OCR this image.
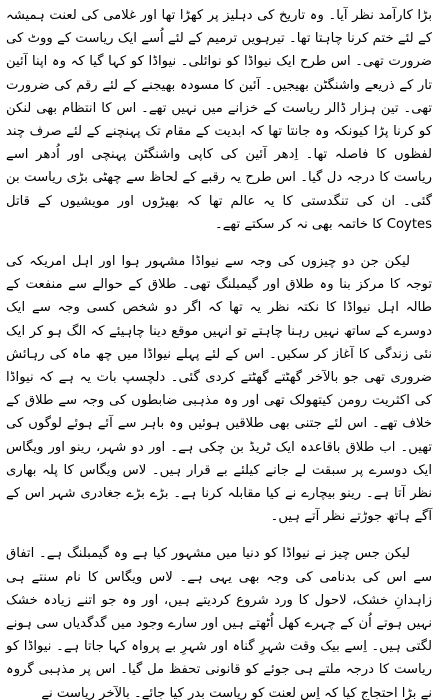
بڑا کارآمد نظر آیا۔ وہ تاریخ کی دہلیز پر کھڑا تھا اور غلامی کی لعنت ہمیشہ کے لئے ختم کرنا چاہتا تھا۔ تیرہویں ترمیم کے لئے اُسے ایک ریاست کے ووٹ کی ضرورت تھی۔ اس طرح ایک نیواڈا کو نوائلی۔ نیواڈا کو کہا گیا کہ وہ اپنا آئین تار کے ذریعے واشنگٹن بھیجیں۔ آئین کا مسودہ بھیجنے کے لئے رقم کی ضرورت تھی۔ تین ہزار ڈالر ریاست کے خزانے میں نہیں تھے۔ اس کا انتظام بھی لنکن کو کرنا پڑا کیونکہ وہ جانتا تھا کہ ابدیت کے مقام تک پہنچنے کے لئے صرف چند لفظوں کا فاصلہ تھا۔ اِدھر آئین کی کاپی واشنگٹن پہنچی اور اُدھر اسے ریاست کا درجہ دل گیا۔ اس طرح یہ رقبے کے لحاظ سے چھٹی بڑی ریاست بن گئی۔ ان کی تنگدستی کا یہ عالم تھا کہ بھیڑوں اور مویشیوں کے قاتل Coytes کا خاتمہ بھی نہ کر سکتے تھے۔

لیکن جن دو چیزوں کی وجہ سے نیواڈا مشہور ہوا اور اہل امریکہ کی توجہ کا مرکز بنا وہ طلاق اور گیمبلنگ تھی۔ طلاق کے حوالے سے منفعت کے طالہ اہل نیواڈا کا نکتہ نظر یہ تھا کہ اگر دو شخص کسی وجہ سے ایک دوسرے کے ساتھ نہیں رہنا چاہتے تو انہیں موقع دینا چاہیئے کہ الگ ہو کر ایک نئی زندگی کا آغاز کر سکیں۔ اس کے لئے پہلے نیواڈا میں چھ ماہ کی رہائش ضروری تھی جو بالآخر گھٹتے گھٹتے کردی گئی۔ دلچسپ بات یہ ہے کہ نیواڈا کی اکثریت رومن کیتھولک تھی اور وہ مذہبی ضابطوں کی وجہ سے طلاق کے خلاف تھے۔ اس لئے جتنی بھی طلاقیں ہوئیں وہ باہر سے آئے ہوئے لوگوں کی تھیں۔ اب طلاق باقاعدہ ایک ٹریڈ بن چکی ہے۔ اور دو شہر، رینو اور ویگاس ایک دوسرے پر سبقت لے جانے کیلئے بے قرار ہیں۔ لاس ویگاس کا پلہ بھاری نظر آتا ہے۔ رینو بیچارے نے کیا مقابلہ کرنا ہے۔ بڑے بڑے جغادری شہر اس کے آگے ہاتھ جوڑتے نظر آتے ہیں۔

لیکن جس چیز نے نیواڈا کو دنیا میں مشہور کیا ہے وہ گیمبلنگ ہے۔ اتفاق سے اس کی بدنامی کی وجہ بھی یہی ہے۔ لاس ویگاس کا نام سنتے ہی زاہدانِ خشک، لاحول کا ورد شروع کردیتے ہیں، اور وہ جو اتنے زیادہ خشک نہیں ہوتے اُن کے چہرے کھل اُٹھتے ہیں اور سارے وجود میں گدگدیاں سی ہونے لگتی ہیں۔ اِسے بیک وقت شہرِ گناہ اور شہرِ بے پرواہ کہا جاتا ہے۔ نیواڈا کو ریاست کا درجہ ملتے ہی جوئے کو قانونی تحفظ مل گیا۔ اس پر مذہبی گروہ نے بڑا احتجاج کیا کہ اِس لعنت کو ریاست بدر کیا جائے۔ بالآخر ریاست نے
